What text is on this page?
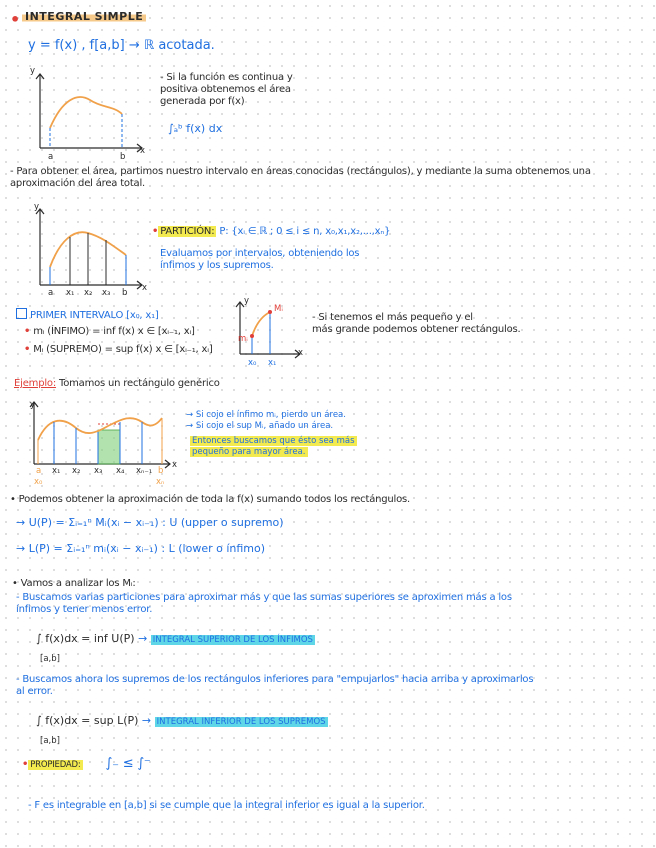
• INTEGRAL SIMPLE
y = f(x) , f[a,b] → ℝ acotada.
y
x
a	b
- Si la función es continua y
positiva obtenemos el área
generada por f(x)
∫ₐᵇ f(x) dx
- Para obtener el área, partimos nuestro intervalo en áreas conocidas (rectángulos), y mediante la suma obtenemos una
aproximación del área total.
y
x
a x₁ x₂ x₃ b
• PARTICIÓN: P: {xᵢ ∈ ℝ ; 0 ≤ i ≤ n, x₀,x₁,x₂,...,xₙ}
Evaluamos por intervalos, obteniendo los
ínfimos y los supremos.
PRIMER INTERVALO [x₀, x₁]
• mᵢ (ÍNFIMO) = inf f(x) x ∈ [xᵢ₋₁, xᵢ]
• Mᵢ (SUPREMO) = sup f(x) x ∈ [xᵢ₋₁, xᵢ]
y
x
mᵢ
Mᵢ
x₀ x₁
- Si tenemos el más pequeño y el
más grande podemos obtener rectángulos.
Ejemplo: Tomamos un rectángulo genérico
y
x
a x₁ x₂ x₃ x₄ xₙ₋₁ b
x₀	xₙ
→ Si cojo el ínfimo mᵢ, pierdo un área.
→ Si cojo el sup Mᵢ, añado un área.
Entonces buscamos que ésto sea más
pequeño para mayor área.
• Podemos obtener la aproximación de toda la f(x) sumando todos los rectángulos.
→ U(P) = Σᵢ₌₁ⁿ Mᵢ(xᵢ − xᵢ₋₁) : U (upper o supremo)
→ L(P) = Σᵢ₌₁ⁿ mᵢ(xᵢ − xᵢ₋₁) : L (lower o ínfimo)
• Vamos a analizar los Mᵢ:
- Buscamos varias particiones para aproximar más y que las sumas superiores se aproximen más a los
ínfimos y tener menos error.
∫ f(x)dx = inf U(P) → INTEGRAL SUPERIOR DE LOS ÍNFIMOS
[a,b]
- Buscamos ahora los supremos de los rectángulos inferiores para "empujarlos" hacia arriba y aproximarlos
al error.
∫ f(x)dx = sup L(P) → INTEGRAL INFERIOR DE LOS SUPREMOS
[a,b]
• PROPIEDAD: ∫₋ ≤ ∫⁻
- F es integrable en [a,b] si se cumple que la integral inferior es igual a la superior.
